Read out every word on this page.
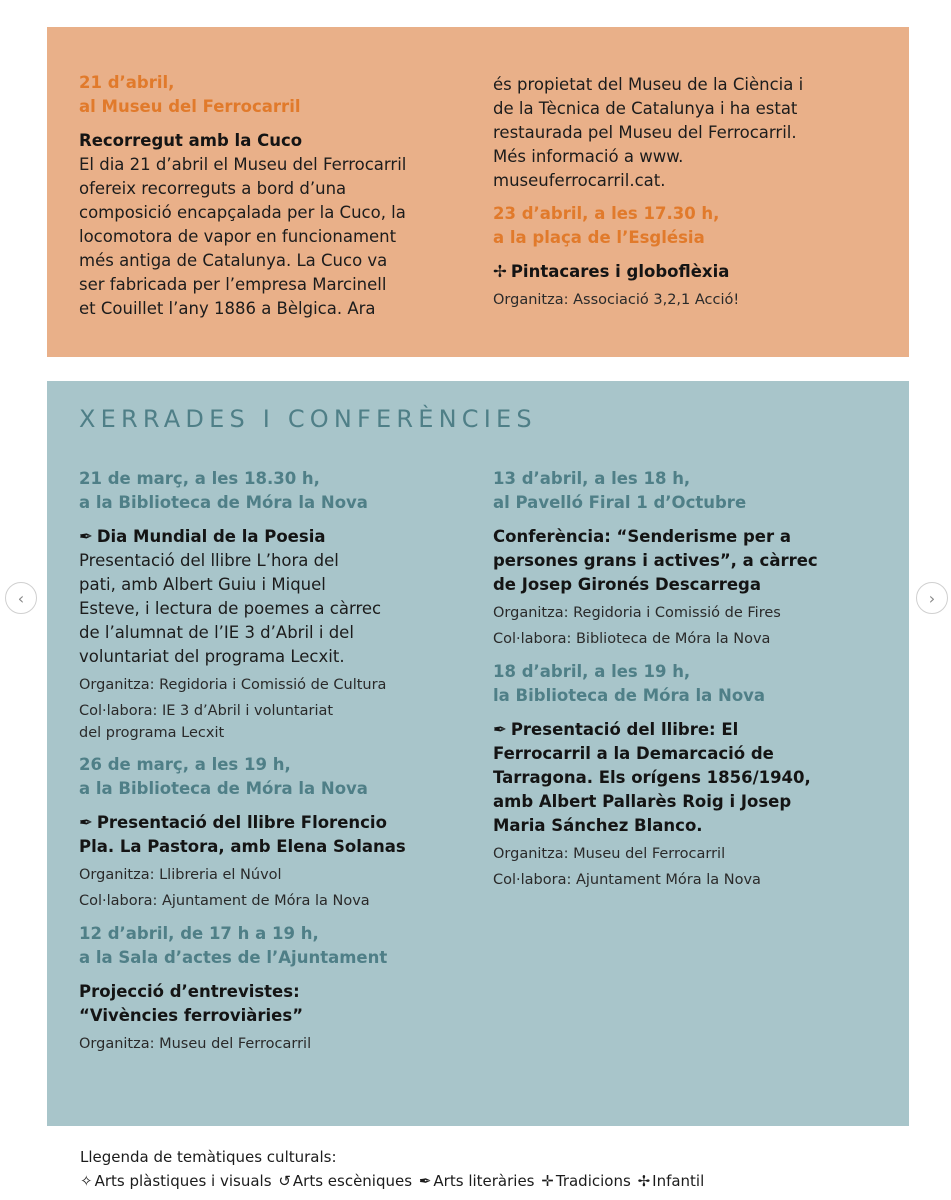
21 d’abril,
al Museu del Ferrocarril
Recorregut amb la Cuco
El dia 21 d’abril el Museu del Ferrocarril
ofereix recorreguts a bord d’una
composició encapçalada per la Cuco, la
locomotora de vapor en funcionament
més antiga de Catalunya. La Cuco va
ser fabricada per l’empresa Marcinell
et Couillet l’any 1886 a Bèlgica. Ara
és propietat del Museu de la Ciència i
de la Tècnica de Catalunya i ha estat
restaurada pel Museu del Ferrocarril.
Més informació a www.
museuferrocarril.cat.
23 d’abril, a les 17.30 h,
a la plaça de l’Església
✢ Pintacares i globoflèxia
Organitza: Associació 3,2,1 Acció!
XERRADES I CONFERÈNCIES
21 de març, a les 18.30 h,
a la Biblioteca de Móra la Nova
✒ Dia Mundial de la Poesia
Presentació del llibre L’hora del
pati, amb Albert Guiu i Miquel
Esteve, i lectura de poemes a càrrec
de l’alumnat de l’IE 3 d’Abril i del
voluntariat del programa Lecxit.
Organitza: Regidoria i Comissió de Cultura
Col·labora: IE 3 d’Abril i voluntariat
del programa Lecxit
26 de març, a les 19 h,
a la Biblioteca de Móra la Nova
✒ Presentació del llibre Florencio
Pla. La Pastora, amb Elena Solanas
Organitza: Llibreria el Núvol
Col·labora: Ajuntament de Móra la Nova
12 d’abril, de 17 h a 19 h,
a la Sala d’actes de l’Ajuntament
Projecció d’entrevistes:
“Vivències ferroviàries”
Organitza: Museu del Ferrocarril
13 d’abril, a les 18 h,
al Pavelló Firal 1 d’Octubre
Conferència: “Senderisme per a
persones grans i actives”, a càrrec
de Josep Gironés Descarrega
Organitza: Regidoria i Comissió de Fires
Col·labora: Biblioteca de Móra la Nova
18 d’abril, a les 19 h,
la Biblioteca de Móra la Nova
✒ Presentació del llibre: El
Ferrocarril a la Demarcació de
Tarragona. Els orígens 1856/1940,
amb Albert Pallarès Roig i Josep
Maria Sánchez Blanco.
Organitza: Museu del Ferrocarril
Col·labora: Ajuntament Móra la Nova
‹	›
Llegenda de temàtiques culturals:
✧ Arts plàstiques i visuals ↺ Arts escèniques ✒ Arts literàries ✛ Tradicions ✢ Infantil
